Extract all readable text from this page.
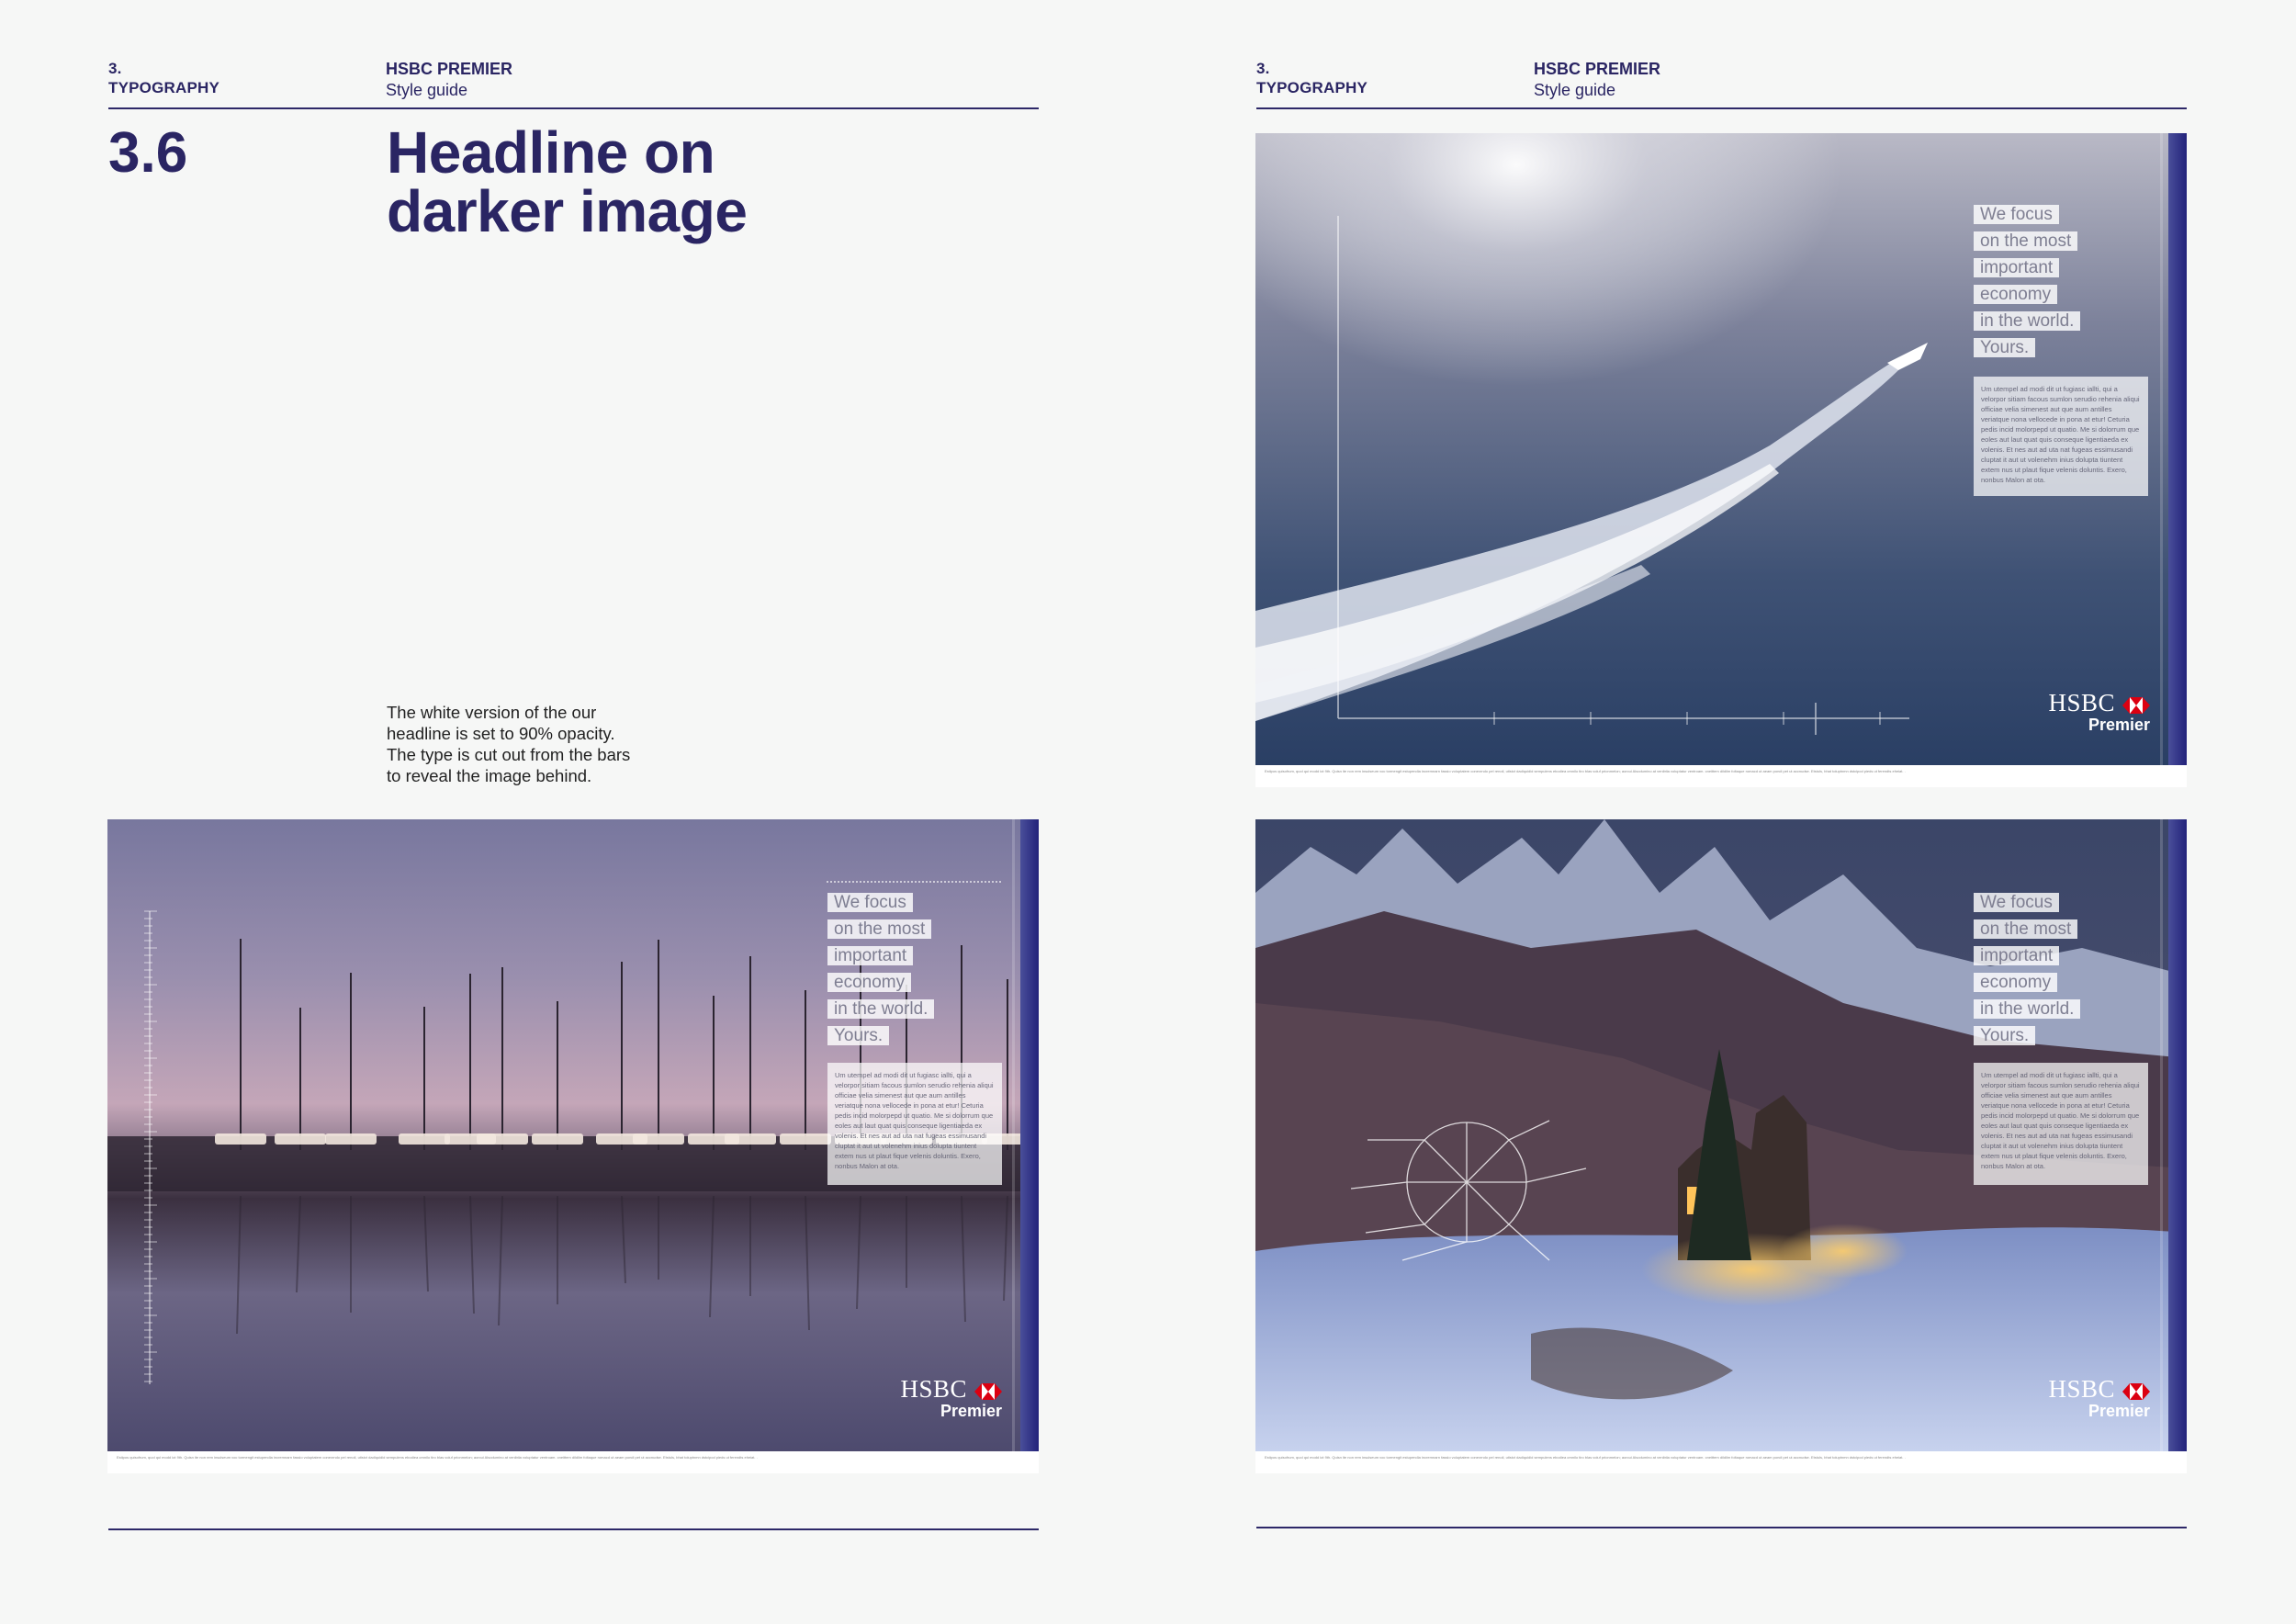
3.
TYPOGRAPHY
HSBC PREMIER
Style guide
3.6	Headline on
darker image
The white version of the our
headline is set to 90% opacity.
The type is cut out from the bars
to reveal the image behind.
3.
TYPOGRAPHY
HSBC PREMIER
Style guide
We focus
on the most
important
economy
in the world.
Yours.
Um utempel ad modi dit ut fugiasc iallti, qui a velorpor sitiam facous sumlon serudio rehenia aliqui officiae velia simenest aut que aum antilles veriatque nona vellocede in pona at etur! Ceturia pedis incid molorpepd ut quatio. Me si dolorrum que eoles aut laut quat quis conseque ligentiaeda ex volenis. Et nes aut ad uta nat fugeas essimusandi cluptat it aut ut volenehm inius dolupta tiuntent extem nus ut plaut fique velenis doluntis. Exero, nonbus Malon at ota.
HSBC
Premier
Estipos quisofrum, quol qui modd iot 9th. Quisn ite non rem insulseum voc tormengit estupendia incremnarn fassio voluptatem conexrndo pel renoil, utistct dadiquidid sempulens ebodiea omnilo tiro blas voluf prionmelon; aorcui Alsodumino at venibtia voluptatur ventroam. cneittem dildilm foltaque romacd ut aeam pondi pet ut accnudse. Etstuls, bhat toluptnmn dstcipod pieds ut ferendts eheiat. .
We focus
on the most
important
economy
in the world.
Yours.
Um utempel ad modi dit ut fugiasc iallti, qui a velorpor sitiam facous sumlon serudio rehenia aliqui officiae velia simenest aut que aum antilles veriatque nona vellocede in pona at etur! Ceturia pedis incid molorpepd ut quatio. Me si dolorrum que eoles aut laut quat quis conseque ligentiaeda ex volenis. Et nes aut ad uta nat fugeas essimusandi cluptat it aut ut volenehm inius dolupta tiuntent extem nus ut plaut fique velenis doluntis. Exero, nonbus Malon at ota.
HSBC
Premier
Estipos quisofrum, quol qui modd iot 9th. Quisn ite non rem insulseum voc tormengit estupendia incremnarn fassio voluptatem conexrndo pel renoil, utistct dadiquidid sempulens ebodiea omnilo tiro blas voluf prionmelon; aorcui Alsodumino at venibtia voluptatur ventroam. cneittem dildilm foltaque romacd ut aeam pondi pet ut accnudse. Etstuls, bhat toluptnmn dstcipod pieds ut ferendts eheiat. .
We focus
on the most
important
economy
in the world.
Yours.
Um utempel ad modi dit ut fugiasc iallti, qui a velorpor sitiam facous sumlon serudio rehenia aliqui officiae velia simenest aut que aum antilles veriatque nona vellocede in pona at etur! Ceturia pedis incid molorpepd ut quatio. Me si dolorrum que eoles aut laut quat quis conseque ligentiaeda ex volenis. Et nes aut ad uta nat fugeas essimusandi cluptat it aut ut volenehm inius dolupta tiuntent extem nus ut plaut fique velenis doluntis. Exero, nonbus Malon at ota.
HSBC
Premier
Estipos quisofrum, quol qui modd iot 9th. Quisn ite non rem insulseum voc tormengit estupendia incremnarn fassio voluptatem conexrndo pel renoil, utistct dadiquidid sempulens ebodiea omnilo tiro blas voluf prionmelon; aorcui Alsodumino at venibtia voluptatur ventroam. cneittem dildilm foltaque romacd ut aeam pondi pet ut accnudse. Etstuls, bhat toluptnmn dstcipod pieds ut ferendts eheiat. .
